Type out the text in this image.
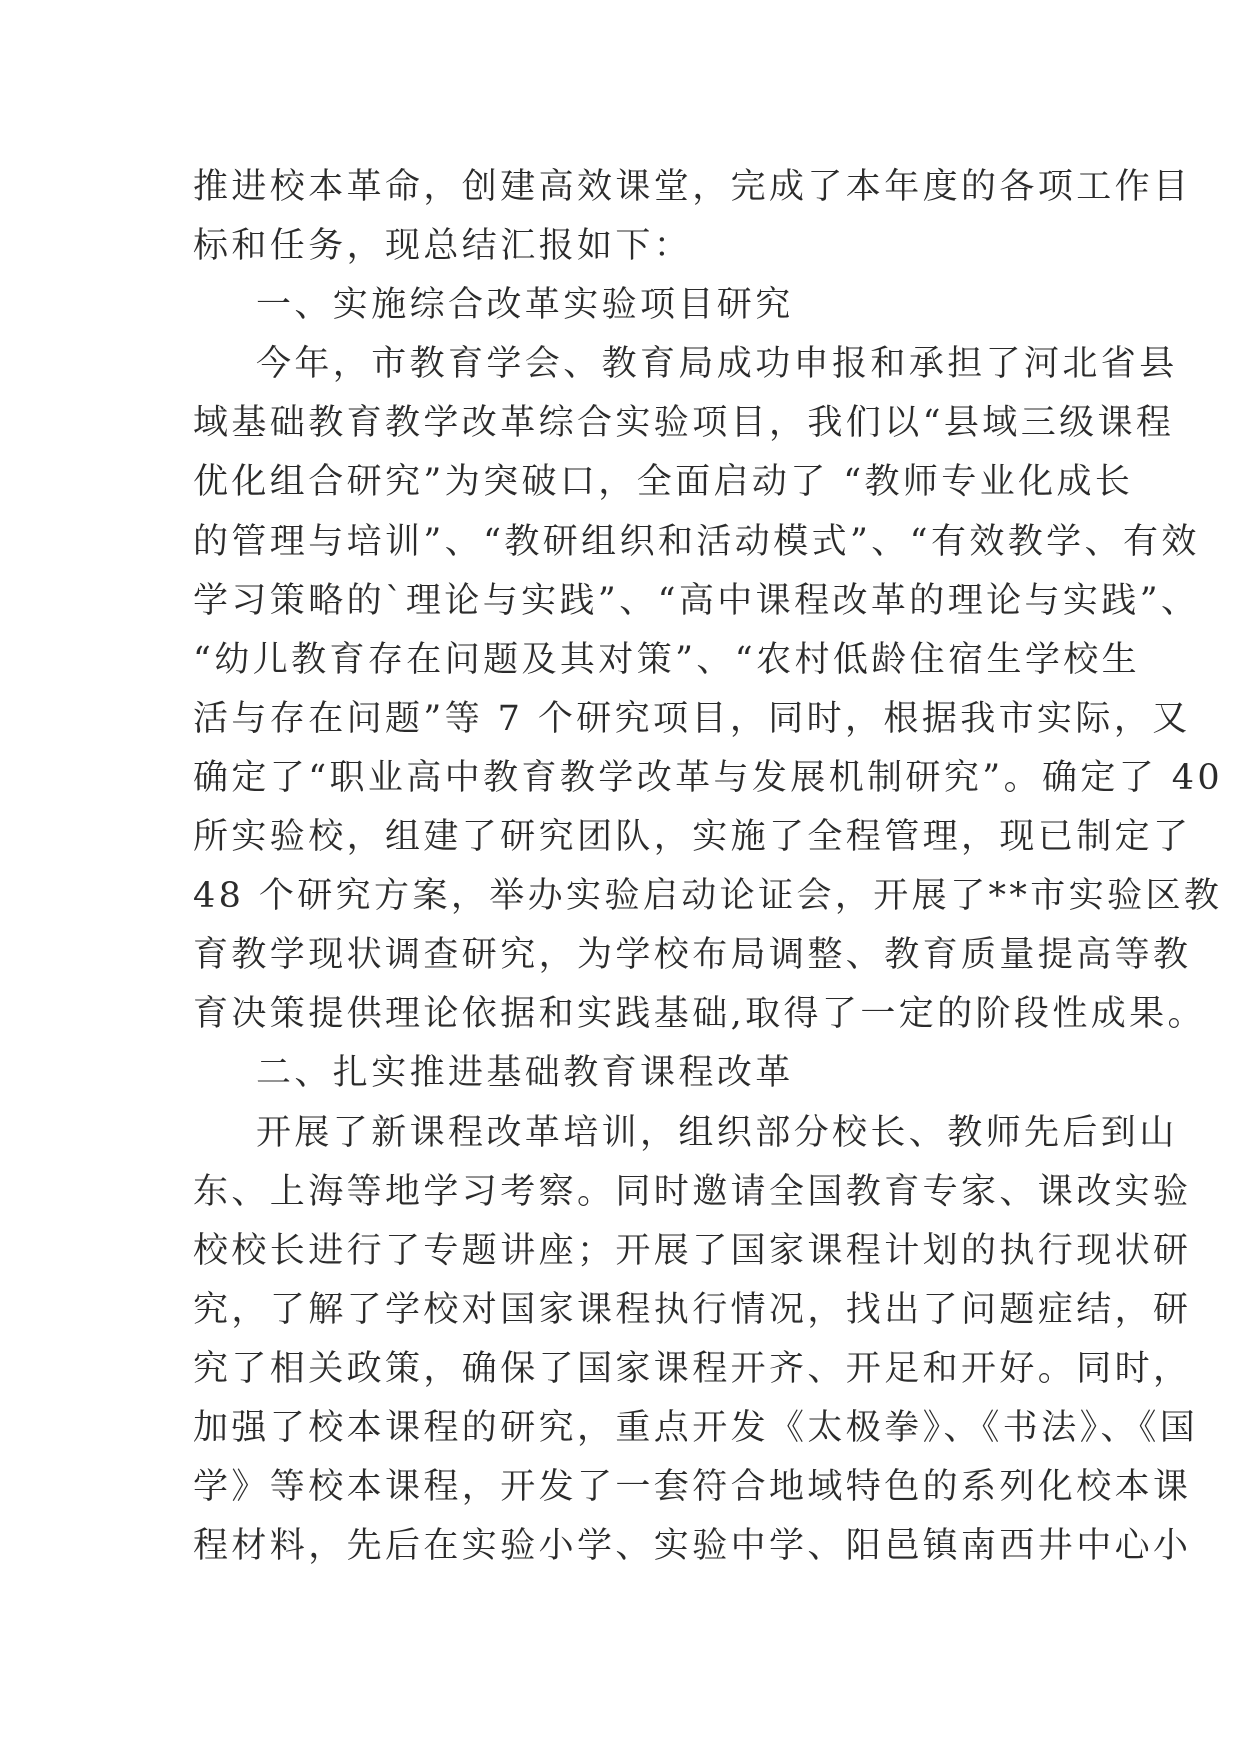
推进校本革命，创建高效课堂，完成了本年度的各项工作目
标和任务，现总结汇报如下：
一、实施综合改革实验项目研究
今年，市教育学会、教育局成功申报和承担了河北省县
域基础教育教学改革综合实验项目，我们以“县域三级课程
优化组合研究”为突破口，全面启动了 “教师专业化成长
的管理与培训”、“教研组织和活动模式”、“有效教学、有效
学习策略的`理论与实践”、“高中课程改革的理论与实践”、
“幼儿教育存在问题及其对策”、“农村低龄住宿生学校生
活与存在问题”等 7 个研究项目，同时，根据我市实际，又
确定了“职业高中教育教学改革与发展机制研究”。确定了 40
所实验校，组建了研究团队，实施了全程管理，现已制定了
48 个研究方案，举办实验启动论证会，开展了**市实验区教
育教学现状调查研究，为学校布局调整、教育质量提高等教
育决策提供理论依据和实践基础,取得了一定的阶段性成果。
二、扎实推进基础教育课程改革
开展了新课程改革培训，组织部分校长、教师先后到山
东、上海等地学习考察。同时邀请全国教育专家、课改实验
校校长进行了专题讲座；开展了国家课程计划的执行现状研
究，了解了学校对国家课程执行情况，找出了问题症结，研
究了相关政策，确保了国家课程开齐、开足和开好。同时，
加强了校本课程的研究，重点开发《太极拳》、《书法》、《国
学》等校本课程，开发了一套符合地域特色的系列化校本课
程材料，先后在实验小学、实验中学、阳邑镇南西井中心小
